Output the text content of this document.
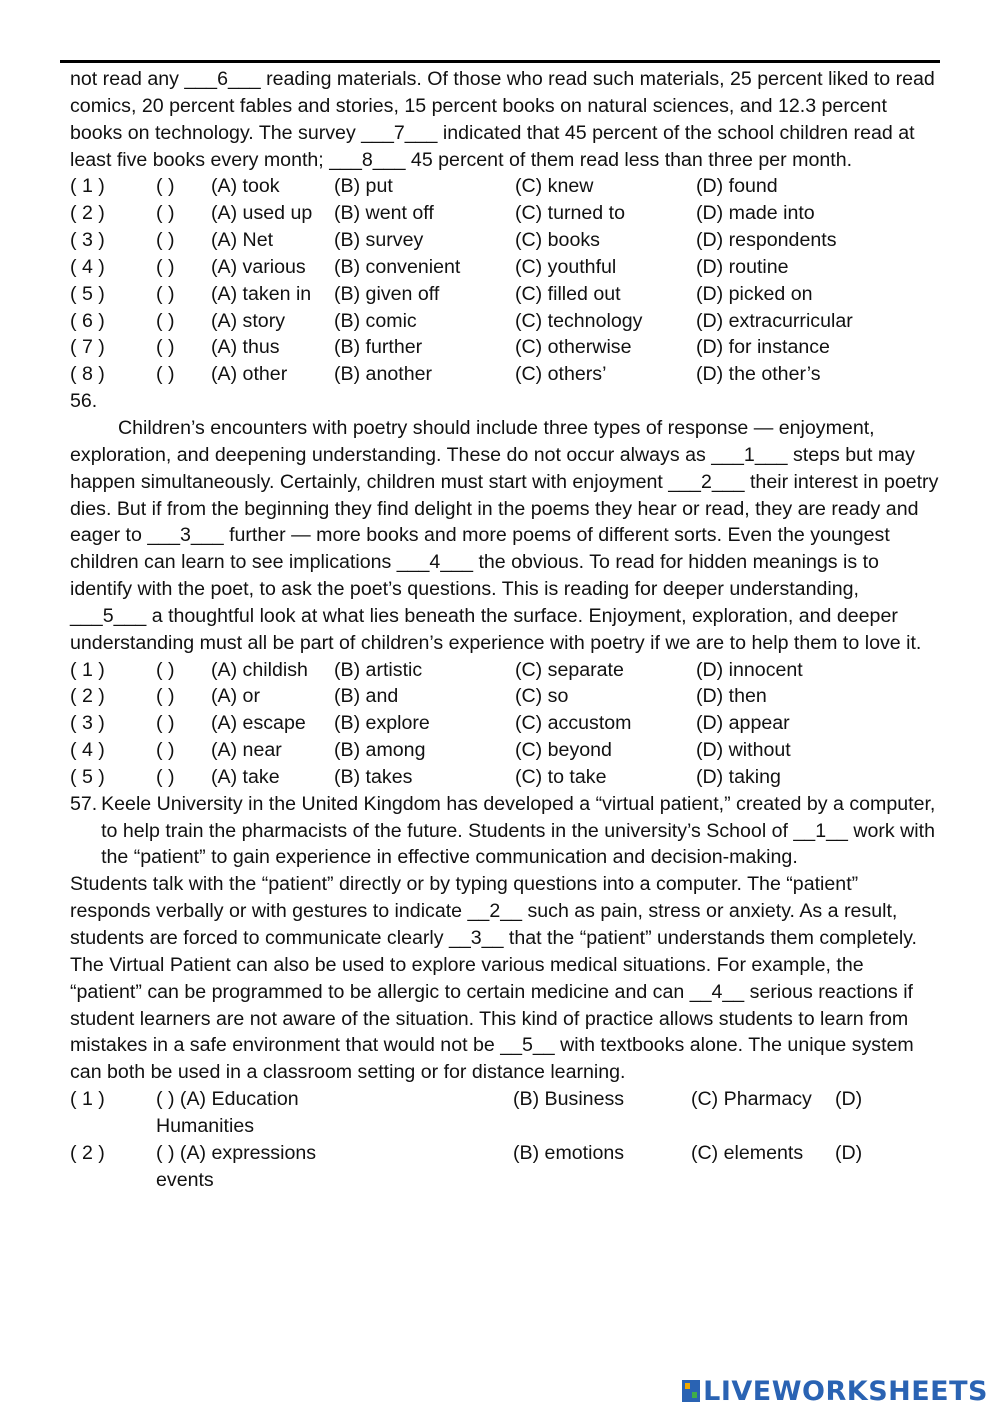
not read any ___6___ reading materials. Of those who read such materials, 25 percent liked to read comics, 20 percent fables and stories, 15 percent books on natural sciences, and 12.3 percent books on technology. The survey ___7___ indicated that 45 percent of the school children read at least five books every month; ___8___ 45 percent of them read less than three per month.

( 1 )	( )	(A) took	(B) put	(C) knew	(D) found
( 2 )	( )	(A) used up	(B) went off	(C) turned to	(D) made into
( 3 )	( )	(A) Net	(B) survey	(C) books	(D) respondents
( 4 )	( )	(A) various	(B) convenient	(C) youthful	(D) routine
( 5 )	( )	(A) taken in	(B) given off	(C) filled out	(D) picked on
( 6 )	( )	(A) story	(B) comic	(C) technology	(D) extracurricular
( 7 )	( )	(A) thus	(B) further	(C) otherwise	(D) for instance
( 8 )	( )	(A) other	(B) another	(C) others’	(D) the other’s
56.

Children’s encounters with poetry should include three types of response — enjoyment, exploration, and deepening understanding. These do not occur always as ___1___ steps but may happen simultaneously. Certainly, children must start with enjoyment ___2___ their interest in poetry dies. But if from the beginning they find delight in the poems they hear or read, they are ready and eager to ___3___ further — more books and more poems of different sorts. Even the youngest children can learn to see implications ___4___ the obvious. To read for hidden meanings is to identify with the poet, to ask the poet’s questions. This is reading for deeper understanding, ___5___ a thoughtful look at what lies beneath the surface. Enjoyment, exploration, and deeper understanding must all be part of children’s experience with poetry if we are to help them to love it.

( 1 )	( )	(A) childish	(B) artistic	(C) separate	(D) innocent
( 2 )	( )	(A) or	(B) and	(C) so	(D) then
( 3 )	( )	(A) escape	(B) explore	(C) accustom	(D) appear
( 4 )	( )	(A) near	(B) among	(C) beyond	(D) without
( 5 )	( )	(A) take	(B) takes	(C) to take	(D) taking
57. Keele University in the United Kingdom has developed a “virtual patient,” created by a computer, to help train the pharmacists of the future. Students in the university’s School of __1__ work with the “patient” to gain experience in effective communication and decision-making.

Students talk with the “patient” directly or by typing questions into a computer. The “patient” responds verbally or with gestures to indicate __2__ such as pain, stress or anxiety. As a result, students are forced to communicate clearly __3__ that the “patient” understands them completely. The Virtual Patient can also be used to explore various medical situations. For example, the “patient” can be programmed to be allergic to certain medicine and can __4__ serious reactions if student learners are not aware of the situation. This kind of practice allows students to learn from mistakes in a safe environment that would not be __5__ with textbooks alone. The unique system can both be used in a classroom setting or for distance learning.

( 1 )	( ) (A) Education	(B) Business	(C) Pharmacy	(D)
Humanities
( 2 )	( ) (A) expressions	(B) emotions	(C) elements	(D)
events
LIVEWORKSHEETS
